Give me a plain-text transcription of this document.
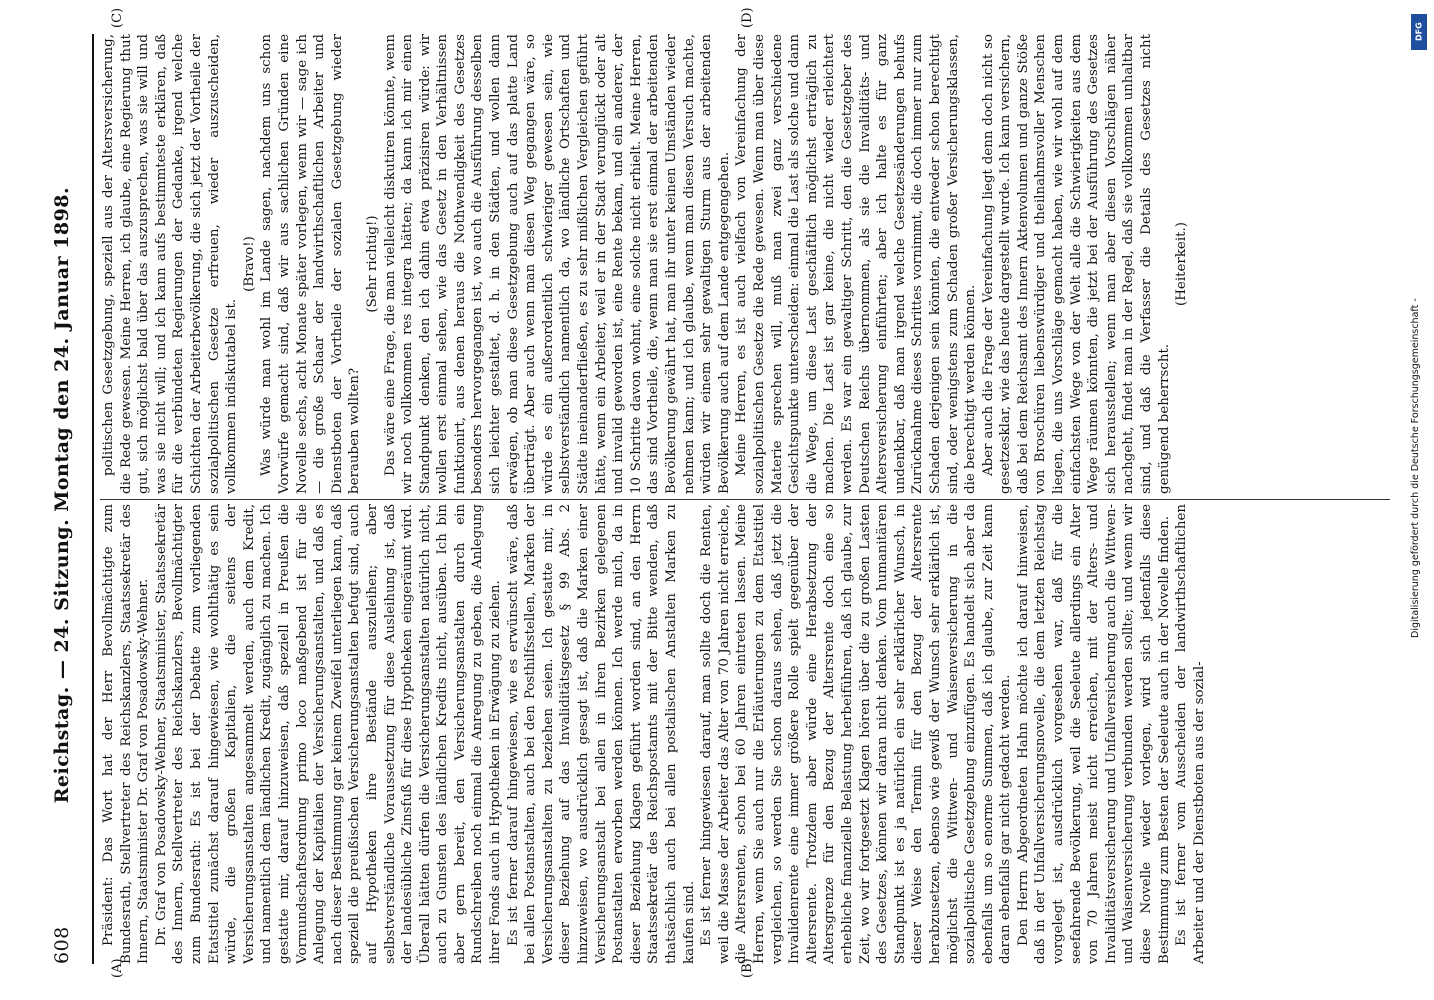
608
Reichstag. — 24. Sitzung. Montag den 24. Januar 1898.
(A)	(B)
(C)	(D)

Präsident: Das Wort hat der Herr Bevollmächtigte zum Bundesrath, Stellvertreter des Reichskanzlers, Staatssekretär des Innern, Staatsminister Dr. Graf von Posadowsky-Wehner. Dr. Graf von Posadowsky-Wehner, Staatsminister, Staatssekretär des Innern, Stellvertreter des Reichskanzlers, Bevollmächtigter zum Bundesrath: Es ist bei der Debatte zum vorliegenden Etatstitel zunächst darauf hingewiesen, wie wohlthätig es sein würde, die großen Kapitalien, die seitens der Versicherungsanstalten angesammelt werden, auch dem Kredit, und namentlich dem ländlichen Kredit, zugänglich zu machen. Ich gestatte mir, darauf hinzuweisen, daß speziell in Preußen die Vormundschaftsordnung primo loco maßgebend ist für die Anlegung der Kapitalien der Versicherungsanstalten, und daß es nach dieser Bestimmung gar keinem Zweifel unterliegen kann, daß speziell die preußischen Versicherungsanstalten befugt sind, auch auf Hypotheken ihre Bestände auszuleihen; aber selbstverständliche Voraussetzung für diese Ausleihung ist, daß der landesübliche Zinsfuß für diese Hypotheken eingeräumt wird. Überall hätten dürfen die Versicherungsanstalten natürlich nicht, auch zu Gunsten des ländlichen Kredits nicht, ausüben. Ich bin aber gern bereit, den Versicherungsanstalten durch ein Rundschreiben noch einmal die Anregung zu geben, die Anlegung ihrer Fonds auch in Hypotheken in Erwägung zu ziehen. Es ist ferner darauf hingewiesen, wie es erwünscht wäre, daß bei allen Postanstalten, auch bei den Posthilfsstellen, Marken der Versicherungsanstalten zu beziehen seien. Ich gestatte mir, in dieser Beziehung auf das Invaliditätsgesetz § 99 Abs. 2 hinzuweisen, wo ausdrücklich gesagt ist, daß die Marken einer Versicherungsanstalt bei allen in ihren Bezirken gelegenen Postanstalten erworben werden können. Ich werde mich, da in dieser Beziehung Klagen geführt worden sind, an den Herrn Staatssekretär des Reichspostamts mit der Bitte wenden, daß thatsächlich auch bei allen postalischen Anstalten Marken zu kaufen sind. Es ist ferner hingewiesen darauf, man sollte doch die Renten, weil die Masse der Arbeiter das Alter von 70 Jahren nicht erreiche, die Altersrenten, schon bei 60 Jahren eintreten lassen. Meine Herren, wenn Sie auch nur die Erläuterungen zu dem Etatstitel vergleichen, so werden Sie schon daraus sehen, daß jetzt die Invalidenrente eine immer größere Rolle spielt gegenüber der Altersrente. Trotzdem aber würde eine Herabsetzung der Altersgrenze für den Bezug der Altersrente doch eine so erhebliche finanzielle Belastung herbeiführen, daß ich glaube, zur Zeit, wo wir fortgesetzt Klagen hören über die zu großen Lasten des Gesetzes, können wir daran nicht denken. Vom humanitären Standpunkt ist es ja natürlich ein sehr erklärlicher Wunsch, in dieser Weise den Termin für den Bezug der Altersrente herabzusetzen, ebenso wie gewiß der Wunsch sehr erklärlich ist, möglichst die Wittwen- und Waisenversicherung in die sozialpolitische Gesetzgebung einzufügen. Es handelt sich aber da ebenfalls um so enorme Summen, daß ich glaube, zur Zeit kann daran ebenfalls gar nicht gedacht werden. Den Herrn Abgeordneten Hahn möchte ich darauf hinweisen, daß in der Unfallversicherungsnovelle, die dem letzten Reichstag vorgelegt ist, ausdrücklich vorgesehen war, daß für die seefahrende Bevölkerung, weil die Seeleute allerdings ein Alter von 70 Jahren meist nicht erreichen, mit der Alters- und Invaliditätsversicherung und Unfallversicherung auch die Wittwen- und Waisenversicherung verbunden werden sollte; und wenn wir diese Novelle wieder vorlegen, wird sich jedenfalls diese Bestimmung zum Besten der Seeleute auch in der Novelle finden. Es ist ferner vom Ausscheiden der landwirthschaftlichen Arbeiter und der Dienstboten aus der sozial-

politischen Gesetzgebung, speziell aus der Altersversicherung, die Rede gewesen. Meine Herren, ich glaube, eine Regierung thut gut, sich möglichst bald über das auszusprechen, was sie will und was sie nicht will; und ich kann aufs bestimmteste erklären, daß für die verbündeten Regierungen der Gedanke, irgend welche Schichten der Arbeiterbevölkerung, die sich jetzt der Vortheile der sozialpolitischen Gesetze erfreuen, wieder auszuscheiden, vollkommen indiskutabel ist.

(Bravo!) Was würde man wohl im Lande sagen, nachdem uns schon Vorwürfe gemacht sind, daß wir aus sachlichen Gründen eine Novelle sechs, acht Monate später vorlegen, wenn wir — sage ich — die große Schaar der landwirthschaftlichen Arbeiter und Dienstboten der Vortheile der sozialen Gesetzgebung wieder berauben wollten?

(Sehr richtig!) Das wäre eine Frage, die man vielleicht diskutiren könnte, wenn wir noch vollkommen res integra hätten; da kann ich mir einen Standpunkt denken, den ich dahin etwa präzisiren würde: wir wollen erst einmal sehen, wie das Gesetz in den Verhältnissen funktionirt, aus denen heraus die Nothwendigkeit des Gesetzes besonders hervorgegangen ist, wo auch die Ausführung desselben sich leichter gestaltet, d. h. in den Städten, und wollen dann erwägen, ob man diese Gesetzgebung auch auf das platte Land überträgt. Aber auch wenn man diesen Weg gegangen wäre, so würde es ein außerordentlich schwieriger gewesen sein, wie selbstverständlich namentlich da, wo ländliche Ortschaften und Städte ineinanderfließen, es zu sehr mißlichen Vergleichen geführt hätte, wenn ein Arbeiter, weil er in der Stadt verunglückt oder alt und invalid geworden ist, eine Rente bekam, und ein anderer, der 10 Schritte davon wohnt, eine solche nicht erhielt. Meine Herren, das sind Vortheile, die, wenn man sie erst einmal der arbeitenden Bevölkerung gewährt hat, man ihr unter keinen Umständen wieder nehmen kann; und ich glaube, wenn man diesen Versuch machte, würden wir einem sehr gewaltigen Sturm aus der arbeitenden Bevölkerung auch auf dem Lande entgegengehen. Meine Herren, es ist auch vielfach von Vereinfachung der sozialpolitischen Gesetze die Rede gewesen. Wenn man über diese Materie sprechen will, muß man zwei ganz verschiedene Gesichtspunkte unterscheiden: einmal die Last als solche und dann die Wege, um diese Last geschäftlich möglichst erträglich zu machen. Die Last ist gar keine, die nicht wieder erleichtert werden. Es war ein gewaltiger Schritt, den die Gesetzgeber des Deutschen Reichs übernommen, als sie die Invaliditäts- und Altersversicherung einführten; aber ich halte es für ganz undenkbar, daß man irgend welche Gesetzesänderungen behufs Zurücknahme dieses Schrittes vornimmt, die doch immer nur zum Schaden derjenigen sein könnten, die entweder schon berechtigt sind, oder wenigstens zum Schaden großer Versicherungsklassen, die berechtigt werden können. Aber auch die Frage der Vereinfachung liegt denn doch nicht so gesetzesklar, wie das heute dargestellt wurde. Ich kann versichern, daß bei dem Reichsamt des Innern Aktenvolumen und ganze Stöße von Broschüren liebenswürdiger und theilnahmsvoller Menschen liegen, die uns Vorschläge gemacht haben, wie wir wohl auf dem einfachsten Wege von der Welt alle die Schwierigkeiten aus dem Wege räumen könnten, die jetzt bei der Ausführung des Gesetzes sich herausstellen; wenn man aber diesen Vorschlägen näher nachgeht, findet man in der Regel, daß sie vollkommen unhaltbar sind, und daß die Verfasser die Details des Gesetzes nicht genügend beherrscht.

(Heiterkeit.)

DFG
Digitalisierung gefördert durch die Deutsche Forschungsgemeinschaft -
